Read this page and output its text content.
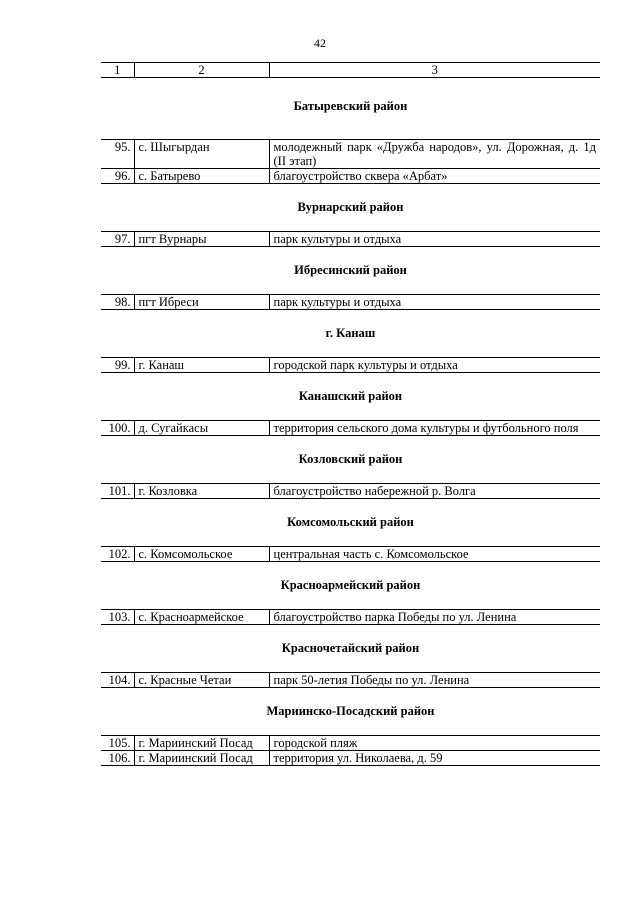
42
1	2	3
Батыревский район		
95.	с. Шыгырдан	молодежный парк «Дружба народов», ул. Дорожная, д. 1д (II этап)
96.	с. Батырево	благоустройство сквера «Арбат»
Вурнарский район		
97.	пгт Вурнары	парк культуры и отдыха
Ибресинский район		
98.	пгт Ибреси	парк культуры и отдыха
г. Канаш		
99.	г. Канаш	городской парк культуры и отдыха
Канашский район		
100.	д. Сугайкасы	территория сельского дома культуры и футбольного поля
Козловский район		
101.	г. Козловка	благоустройство набережной р. Волга
Комсомольский район		
102.	с. Комсомольское	центральная часть с. Комсомольское
Красноармейский район		
103.	с. Красноармейское	благоустройство парка Победы по ул. Ленина
Красночетайский район		
104.	с. Красные Четаи	парк 50-летия Победы по ул. Ленина
Мариинско-Посадский район		
105.	г. Мариинский Посад	городской пляж
106.	г. Мариинский Посад	территория ул. Николаева, д. 59
